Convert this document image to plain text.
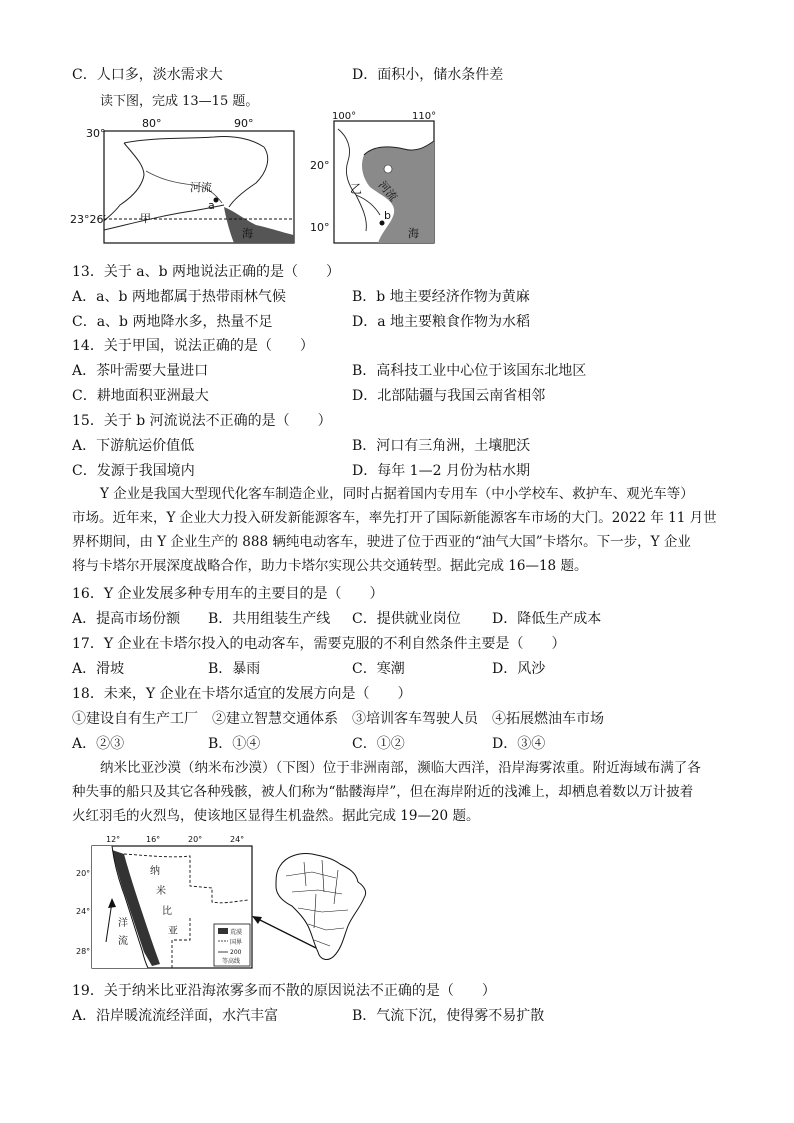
C．人口多，淡水需求大	D．面积小，储水条件差
读下图，完成 13—15 题。
80°	90°
30°
23°26′
河流
a
甲
海
100°	110°
20°
10°
河流
乙
b
海
13．关于 a、b 两地说法正确的是（　　）
A．a、b 两地都属于热带雨林气候	B．b 地主要经济作物为黄麻
C．a、b 两地降水多，热量不足	D．a 地主要粮食作物为水稻
14．关于甲国，说法正确的是（　　）
A．茶叶需要大量进口	B．高科技工业中心位于该国东北地区
C．耕地面积亚洲最大	D．北部陆疆与我国云南省相邻
15．关于 b 河流说法不正确的是（　　）
A．下游航运价值低	B．河口有三角洲，土壤肥沃
C．发源于我国境内	D．每年 1—2 月份为枯水期
Y 企业是我国大型现代化客车制造企业，同时占据着国内专用车（中小学校车、救护车、观光车等）
市场。近年来，Y 企业大力投入研发新能源客车，率先打开了国际新能源客车市场的大门。2022 年 11 月世
界杯期间，由 Y 企业生产的 888 辆纯电动客车，驶进了位于西亚的“油气大国”卡塔尔。下一步，Y 企业
将与卡塔尔开展深度战略合作，助力卡塔尔实现公共交通转型。据此完成 16—18 题。
16．Y 企业发展多种专用车的主要目的是（　　）
A．提高市场份额 B．共用组装生产线 C．提供就业岗位 D．降低生产成本
17．Y 企业在卡塔尔投入的电动客车，需要克服的不利自然条件主要是（　　）
A．滑坡	B．暴雨	C．寒潮	D．风沙
18．未来，Y 企业在卡塔尔适宜的发展方向是（　　）
①建设自有生产工厂　②建立智慧交通体系　③培训客车驾驶人员　④拓展燃油车市场
A．②③	B．①④	C．①②	D．③④
纳米比亚沙漠（纳米布沙漠）（下图）位于非洲南部，濒临大西洋，沿岸海雾浓重。附近海域布满了各
种失事的船只及其它各种残骸，被人们称为“骷髅海岸”，但在海岸附近的浅滩上，却栖息着数以万计披着
火红羽毛的火烈鸟，使该地区显得生机盎然。据此完成 19—20 题。
荒漠
国界
200
等高线
12°	16°	20°	24°
20°
24°
28°
纳
米
比
亚
洋
流
19．关于纳米比亚沿海浓雾多而不散的原因说法不正确的是（　　）
A．沿岸暖流流经洋面，水汽丰富	B．气流下沉，使得雾不易扩散
